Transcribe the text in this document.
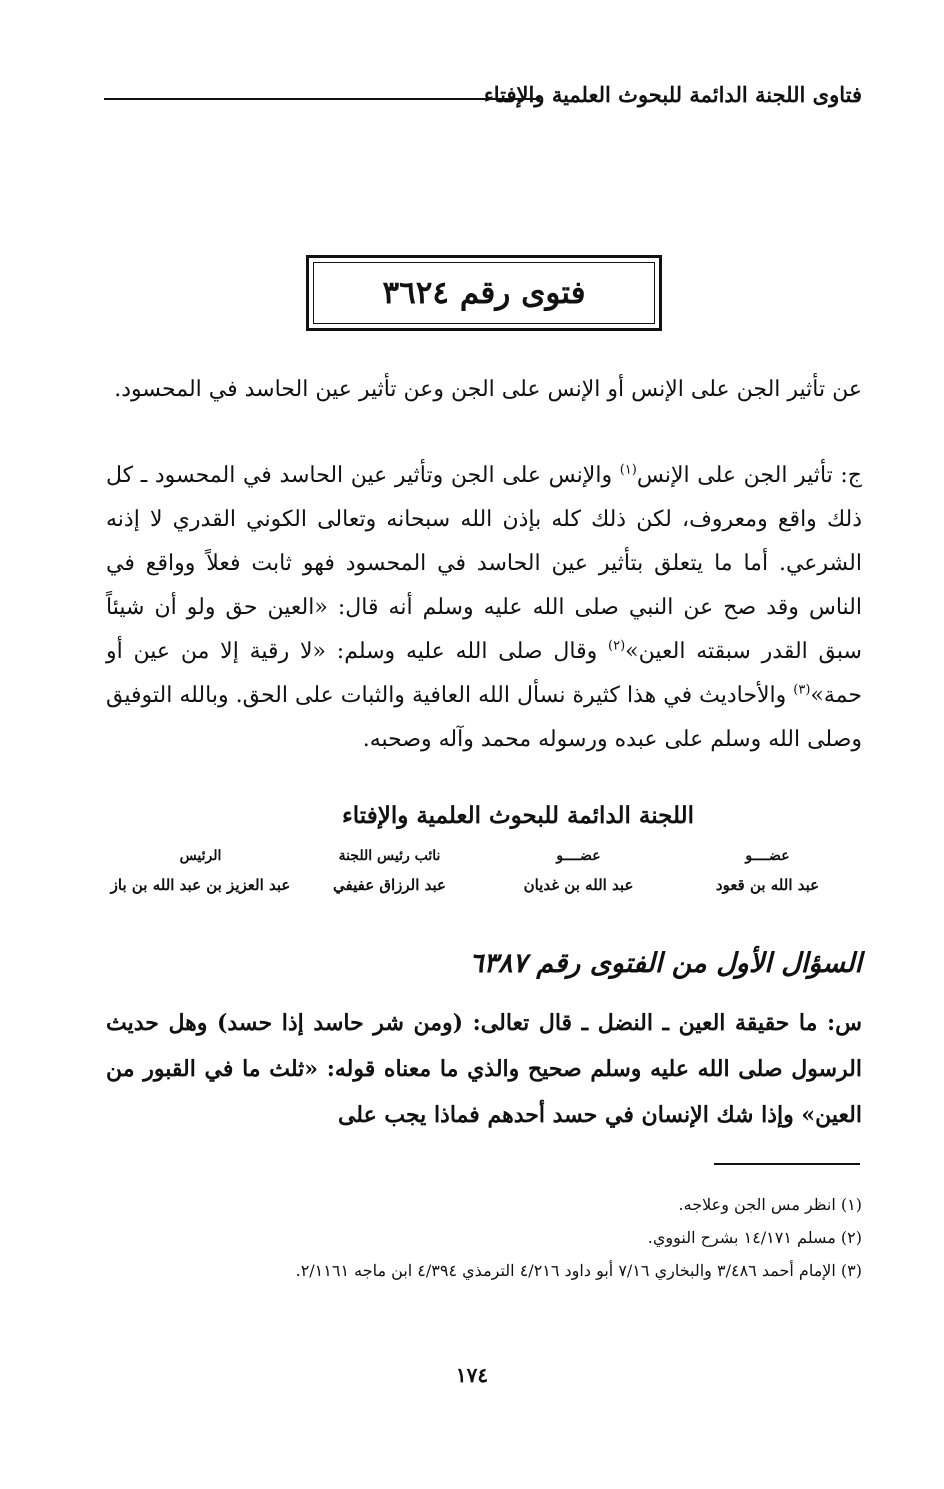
فتاوى اللجنة الدائمة للبحوث العلمية والإفتاء
فتوى رقم ٣٦٢٤

عن تأثير الجن على الإنس أو الإنس على الجن وعن تأثير عين الحاسد في المحسود.

ج: تأثير الجن على الإنس$^{(١)}$ والإنس على الجن وتأثير عين الحاسد في المحسود ـ كل ذلك واقع ومعروف، لكن ذلك كله بإذن الله سبحانه وتعالى الكوني القدري لا إذنه الشرعي. أما ما يتعلق بتأثير عين الحاسد في المحسود فهو ثابت فعلاً وواقع في الناس وقد صح عن النبي صلى الله عليه وسلم أنه قال: «العين حق ولو أن شيئاً سبق القدر سبقته العين»$^{(٢)}$ وقال صلى الله عليه وسلم: «لا رقية إلا من عين أو حمة»$^{(٣)}$ والأحاديث في هذا كثيرة نسأل الله العافية والثبات على الحق. وبالله التوفيق وصلى الله وسلم على عبده ورسوله محمد وآله وصحبه.

اللجنة الدائمة للبحوث العلمية والإفتاء
عضــــو
عضــــو
نائب رئيس اللجنة
الرئيس
عبد الله بن قعود
عبد الله بن غديان
عبد الرزاق عفيفي
عبد العزيز بن عبد الله بن باز
السؤال الأول من الفتوى رقم ٦٣٨٧

س: ما حقيقة العين ـ النضل ـ قال تعالى: (ومن شر حاسد إذا حسد) وهل حديث الرسول صلى الله عليه وسلم صحيح والذي ما معناه قوله: «ثلث ما في القبور من العين» وإذا شك الإنسان في حسد أحدهم فماذا يجب على

(١) انظر مس الجن وعلاجه.
(٢) مسلم ١٤/١٧١ بشرح النووي.
(٣) الإمام أحمد ٣/٤٨٦ والبخاري ٧/١٦ أبو داود ٤/٢١٦ الترمذي ٤/٣٩٤ ابن ماجه ٢/١١٦١.
١٧٤
